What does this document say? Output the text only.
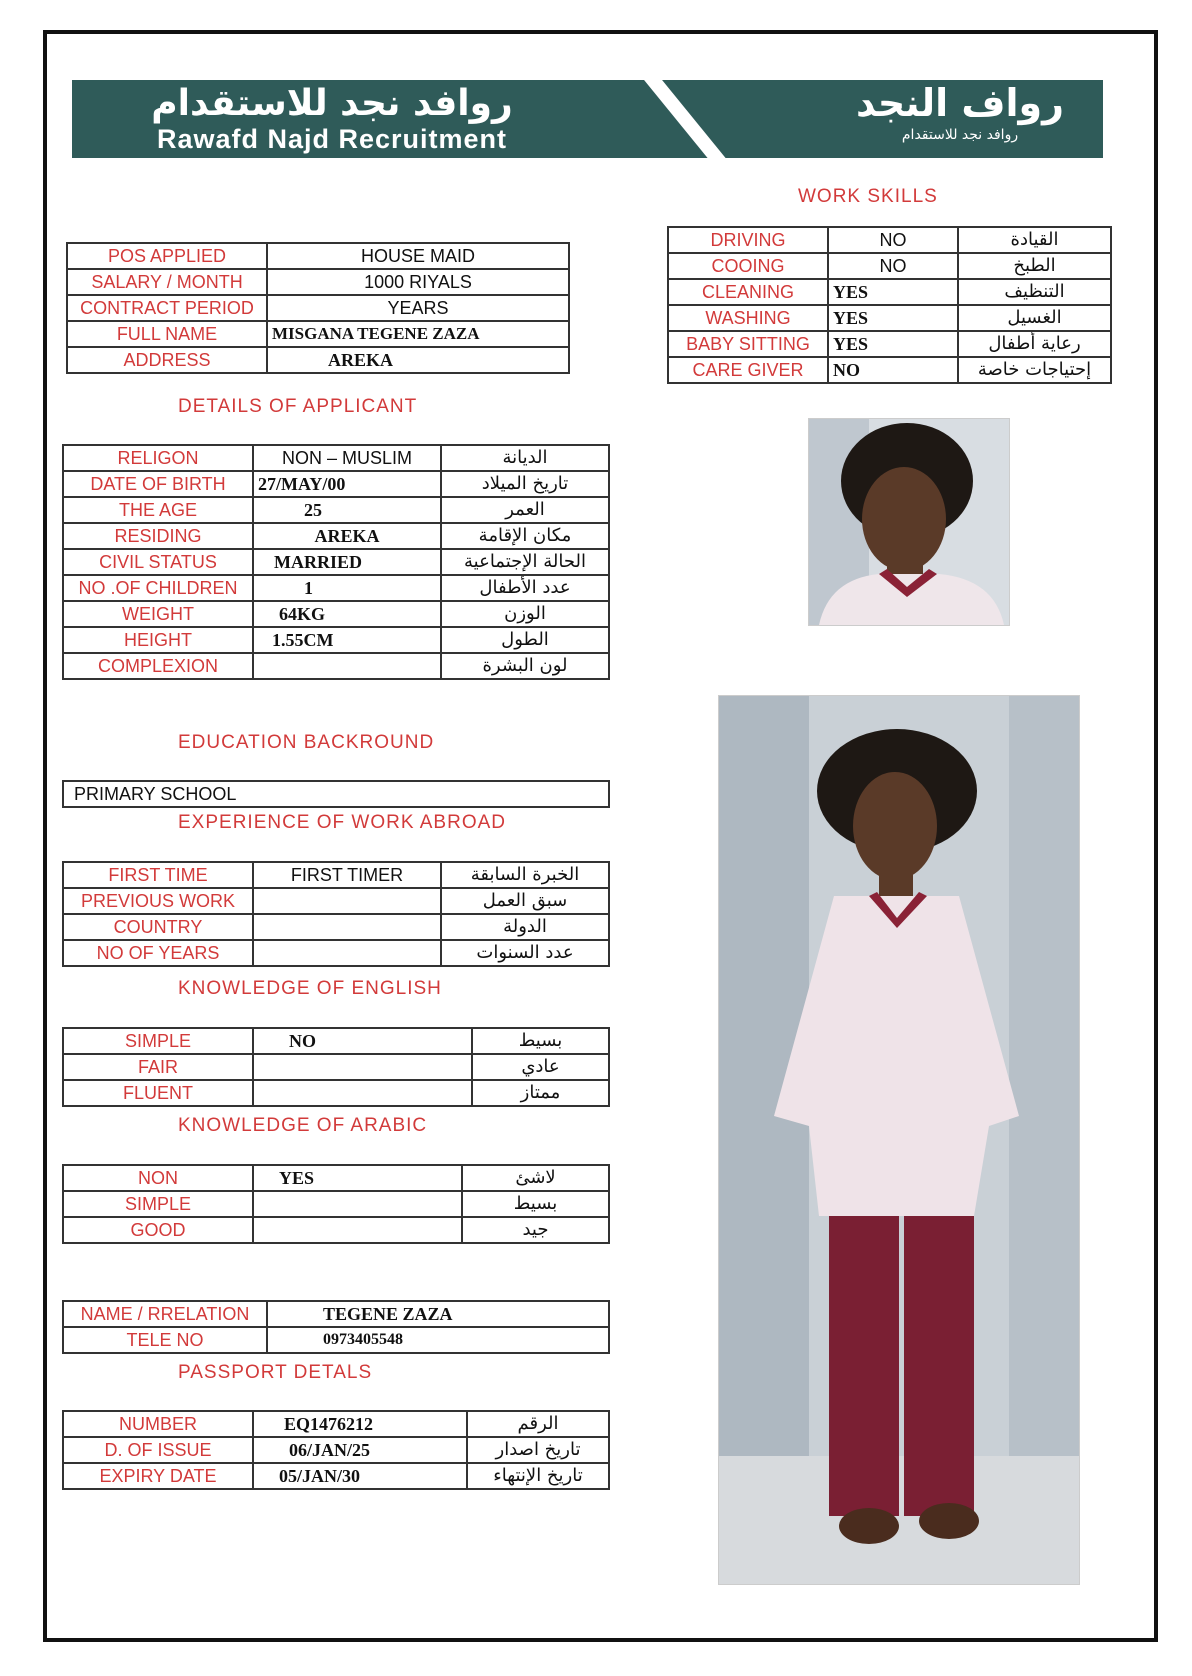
روافد نجد للاستقدام
Rawafd Najd Recruitment
رواف النجد
روافد نجد للاستقدام
POS APPLIED	HOUSE MAID
SALARY / MONTH	1000 RIYALS
CONTRACT PERIOD	YEARS
FULL NAME	MISGANA TEGENE ZAZA
ADDRESS	AREKA
WORK SKILLS
DRIVING	NO	القيادة
COOING	NO	الطبخ
CLEANING	YES	التنظيف
WASHING	YES	الغسيل
BABY SITTING	YES	رعاية أطفال
CARE GIVER	NO	إحتياجات خاصة
DETAILS OF APPLICANT
RELIGON	NON – MUSLIM	الديانة
DATE OF BIRTH	27/MAY/00	تاريخ الميلاد
THE AGE	25	العمر
RESIDING	AREKA	مكان الإقامة
CIVIL STATUS	MARRIED	الحالة الإجتماعية
NO .OF CHILDREN	1	عدد الأطفال
WEIGHT	64KG	الوزن
HEIGHT	1.55CM	الطول
COMPLEXION		لون البشرة
EDUCATION BACKROUND
PRIMARY SCHOOL
EXPERIENCE OF WORK ABROAD
FIRST TIME	FIRST TIMER	الخبرة السابقة
PREVIOUS WORK		سبق العمل
COUNTRY		الدولة
NO OF YEARS		عدد السنوات
KNOWLEDGE OF ENGLISH
SIMPLE	NO	بسيط
FAIR		عادي
FLUENT		ممتاز
KNOWLEDGE OF ARABIC
NON	YES	لاشئ
SIMPLE		بسيط
GOOD		جيد
NAME / RRELATION	TEGENE ZAZA
TELE NO	0973405548
PASSPORT DETALS
NUMBER	EQ1476212	الرقم
D. OF ISSUE	06/JAN/25	تاريخ اصدار
EXPIRY DATE	05/JAN/30	تاريخ الإنتهاء
